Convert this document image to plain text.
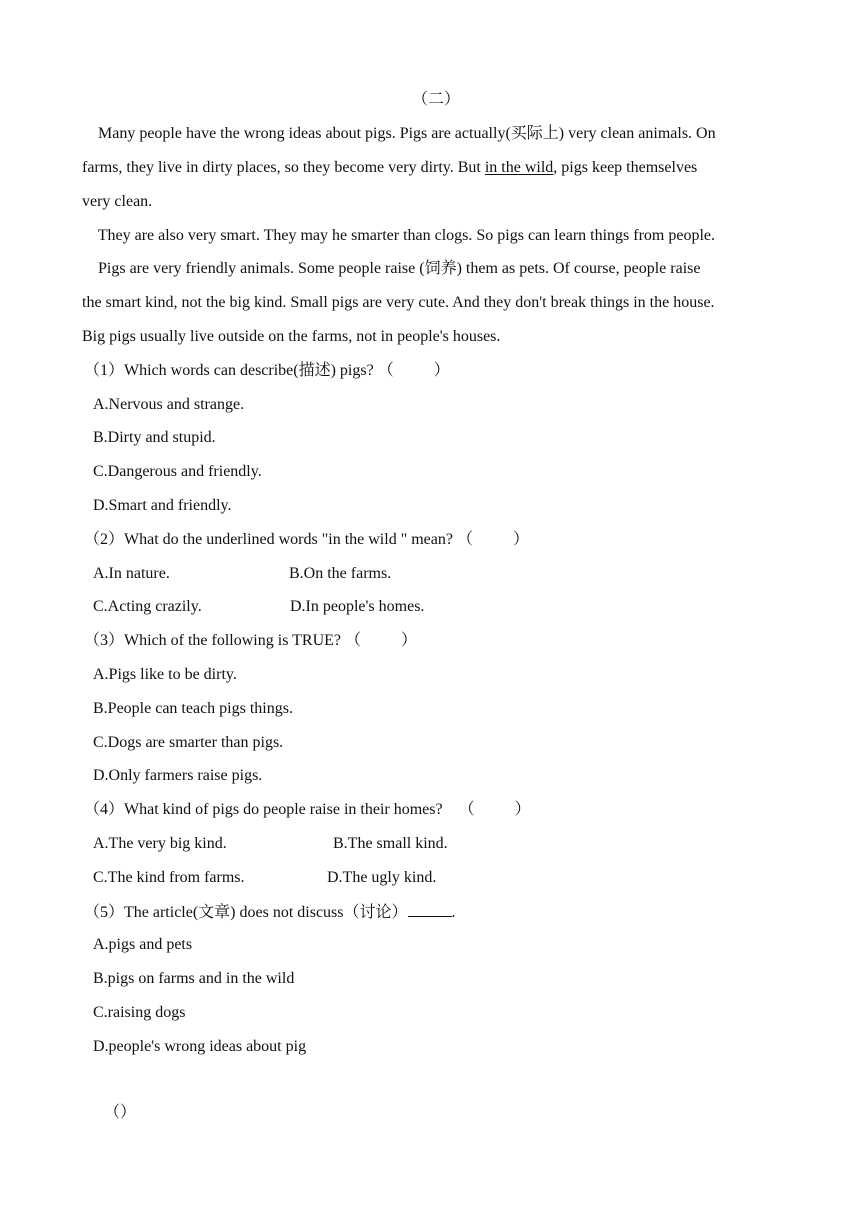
（二）
Many people have the wrong ideas about pigs. Pigs are actually(买际上) very clean animals. On
farms, they live in dirty places, so they become very dirty. But in the wild, pigs keep themselves
very clean.
They are also very smart. They may he smarter than clogs. So pigs can learn things from people.
Pigs are very friendly animals. Some people raise (饲养) them as pets. Of course, people raise
the smart kind, not the big kind. Small pigs are very cute. And they don't break things in the house.
Big pigs usually live outside on the farms, not in people's houses.
（1）Which words can describe(描述) pigs? （          ）
A.Nervous and strange.
B.Dirty and stupid.
C.Dangerous and friendly.
D.Smart and friendly.
（2）What do the underlined words "in the wild " mean? （          ）
A.In nature.	B.On the farms.
C.Acting crazily.	D.In people's homes.
（3）Which of the following is TRUE? （          ）
A.Pigs like to be dirty.
B.People can teach pigs things.
C.Dogs are smarter than pigs.
D.Only farmers raise pigs.
（4）What kind of pigs do people raise in their homes?    （          ）
A.The very big kind.	B.The small kind.
C.The kind from farms.	D.The ugly kind.
（5）The article(文章) does not discuss（讨论）	.
A.pigs and pets
B.pigs on farms and in the wild
C.raising dogs
D.people's wrong ideas about pig
（）
